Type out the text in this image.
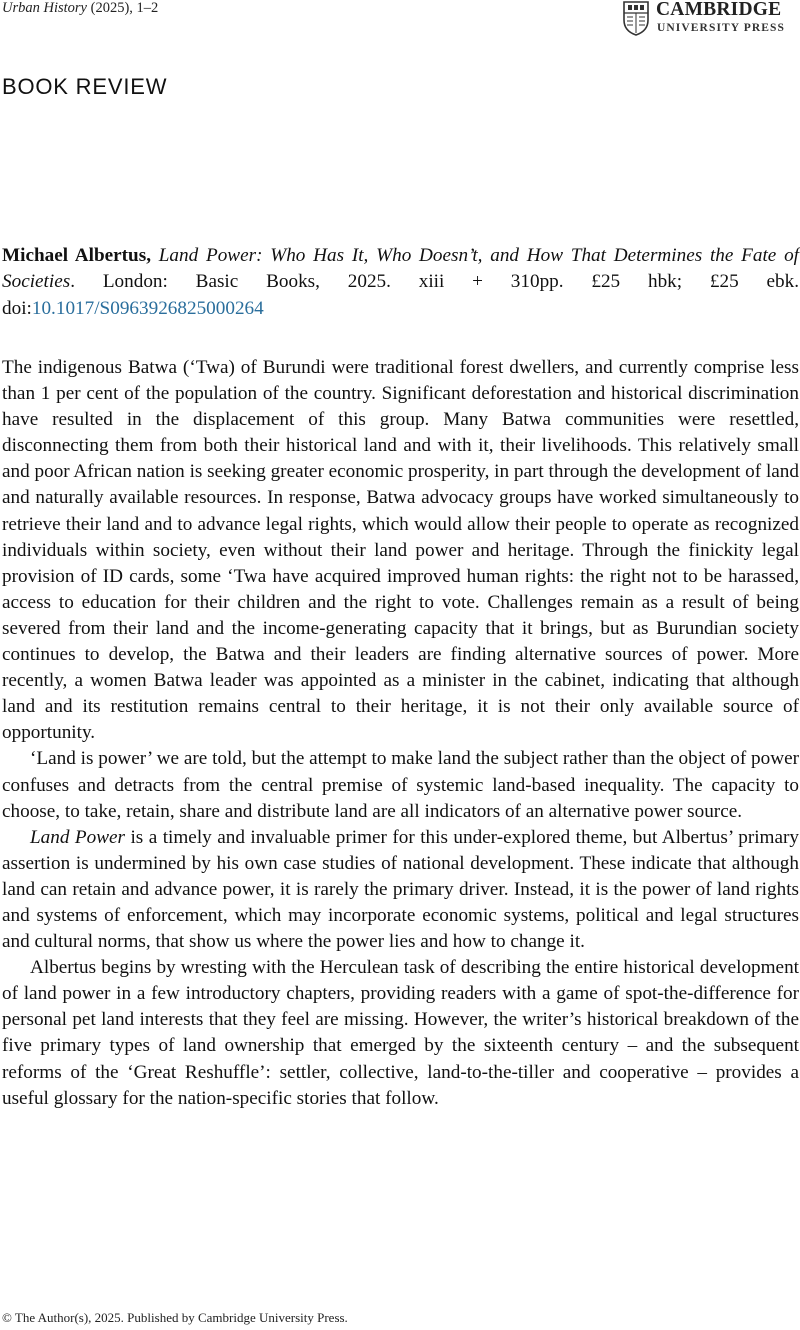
Urban History (2025), 1–2	CAMBRIDGE
UNIVERSITY PRESS
BOOK REVIEW
Michael Albertus, Land Power: Who Has It, Who Doesn’t, and How That Determines the Fate of Societies. London: Basic Books, 2025. xiii + 310pp. £25 hbk; £25 ebk. doi:10.1017/S0963926825000264

The indigenous Batwa (‘Twa) of Burundi were traditional forest dwellers, and currently comprise less than 1 per cent of the population of the country. Significant deforestation and historical discrimination have resulted in the displacement of this group. Many Batwa communities were resettled, disconnecting them from both their historical land and with it, their livelihoods. This relatively small and poor African nation is seeking greater economic prosperity, in part through the development of land and naturally available resources. In response, Batwa advocacy groups have worked simultaneously to retrieve their land and to advance legal rights, which would allow their people to operate as recognized individuals within society, even without their land power and heritage. Through the finickity legal provision of ID cards, some ‘Twa have acquired improved human rights: the right not to be harassed, access to education for their children and the right to vote. Challenges remain as a result of being severed from their land and the income-generating capacity that it brings, but as Burundian society continues to develop, the Batwa and their leaders are finding alternative sources of power. More recently, a women Batwa leader was appointed as a minister in the cabinet, indicating that although land and its restitution remains central to their heritage, it is not their only available source of opportunity.

‘Land is power’ we are told, but the attempt to make land the subject rather than the object of power confuses and detracts from the central premise of systemic land-based inequality. The capacity to choose, to take, retain, share and distribute land are all indicators of an alternative power source.

Land Power is a timely and invaluable primer for this under-explored theme, but Albertus’ primary assertion is undermined by his own case studies of national development. These indicate that although land can retain and advance power, it is rarely the primary driver. Instead, it is the power of land rights and systems of enforcement, which may incorporate economic systems, political and legal structures and cultural norms, that show us where the power lies and how to change it.

Albertus begins by wresting with the Herculean task of describing the entire historical development of land power in a few introductory chapters, providing readers with a game of spot-the-difference for personal pet land interests that they feel are missing. However, the writer’s historical breakdown of the five primary types of land ownership that emerged by the sixteenth century – and the subsequent reforms of the ‘Great Reshuffle’: settler, collective, land-to-the-tiller and cooperative – provides a useful glossary for the nation-specific stories that follow.

© The Author(s), 2025. Published by Cambridge University Press.
